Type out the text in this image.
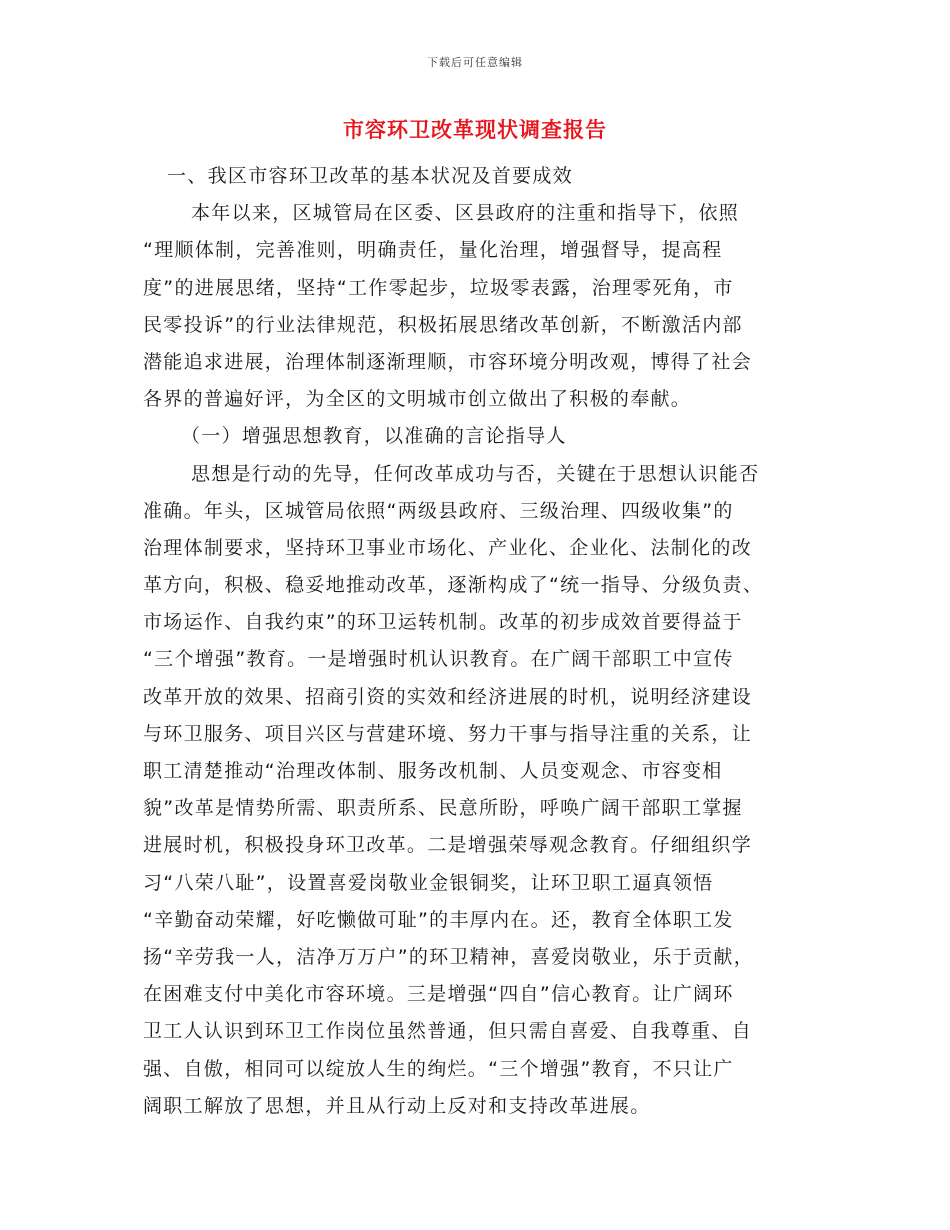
下载后可任意编辑
市容环卫改革现状调查报告
一、我区市容环卫改革的基本状况及首要成效
本年以来，区城管局在区委、区县政府的注重和指导下，依照
“理顺体制，完善准则，明确责任，量化治理，增强督导，提高程
度”的进展思绪，坚持“工作零起步，垃圾零表露，治理零死角，市
民零投诉”的行业法律规范，积极拓展思绪改革创新，不断激活内部
潜能追求进展，治理体制逐渐理顺，市容环境分明改观，博得了社会
各界的普遍好评，为全区的文明城市创立做出了积极的奉献。
（一）增强思想教育，以准确的言论指导人
思想是行动的先导，任何改革成功与否，关键在于思想认识能否
准确。年头，区城管局依照“两级县政府、三级治理、四级收集”的
治理体制要求，坚持环卫事业市场化、产业化、企业化、法制化的改
革方向，积极、稳妥地推动改革，逐渐构成了“统一指导、分级负责、
市场运作、自我约束”的环卫运转机制。改革的初步成效首要得益于
“三个增强”教育。一是增强时机认识教育。在广阔干部职工中宣传
改革开放的效果、招商引资的实效和经济进展的时机，说明经济建设
与环卫服务、项目兴区与营建环境、努力干事与指导注重的关系，让
职工清楚推动“治理改体制、服务改机制、人员变观念、市容变相
貌”改革是情势所需、职责所系、民意所盼，呼唤广阔干部职工掌握
进展时机，积极投身环卫改革。二是增强荣辱观念教育。仔细组织学
习“八荣八耻”，设置喜爱岗敬业金银铜奖，让环卫职工逼真领悟
“辛勤奋动荣耀，好吃懒做可耻”的丰厚内在。还，教育全体职工发
扬“辛劳我一人，洁净万万户”的环卫精神，喜爱岗敬业，乐于贡献，
在困难支付中美化市容环境。三是增强“四自”信心教育。让广阔环
卫工人认识到环卫工作岗位虽然普通，但只需自喜爱、自我尊重、自
强、自傲，相同可以绽放人生的绚烂。“三个增强”教育，不只让广
阔职工解放了思想，并且从行动上反对和支持改革进展。
